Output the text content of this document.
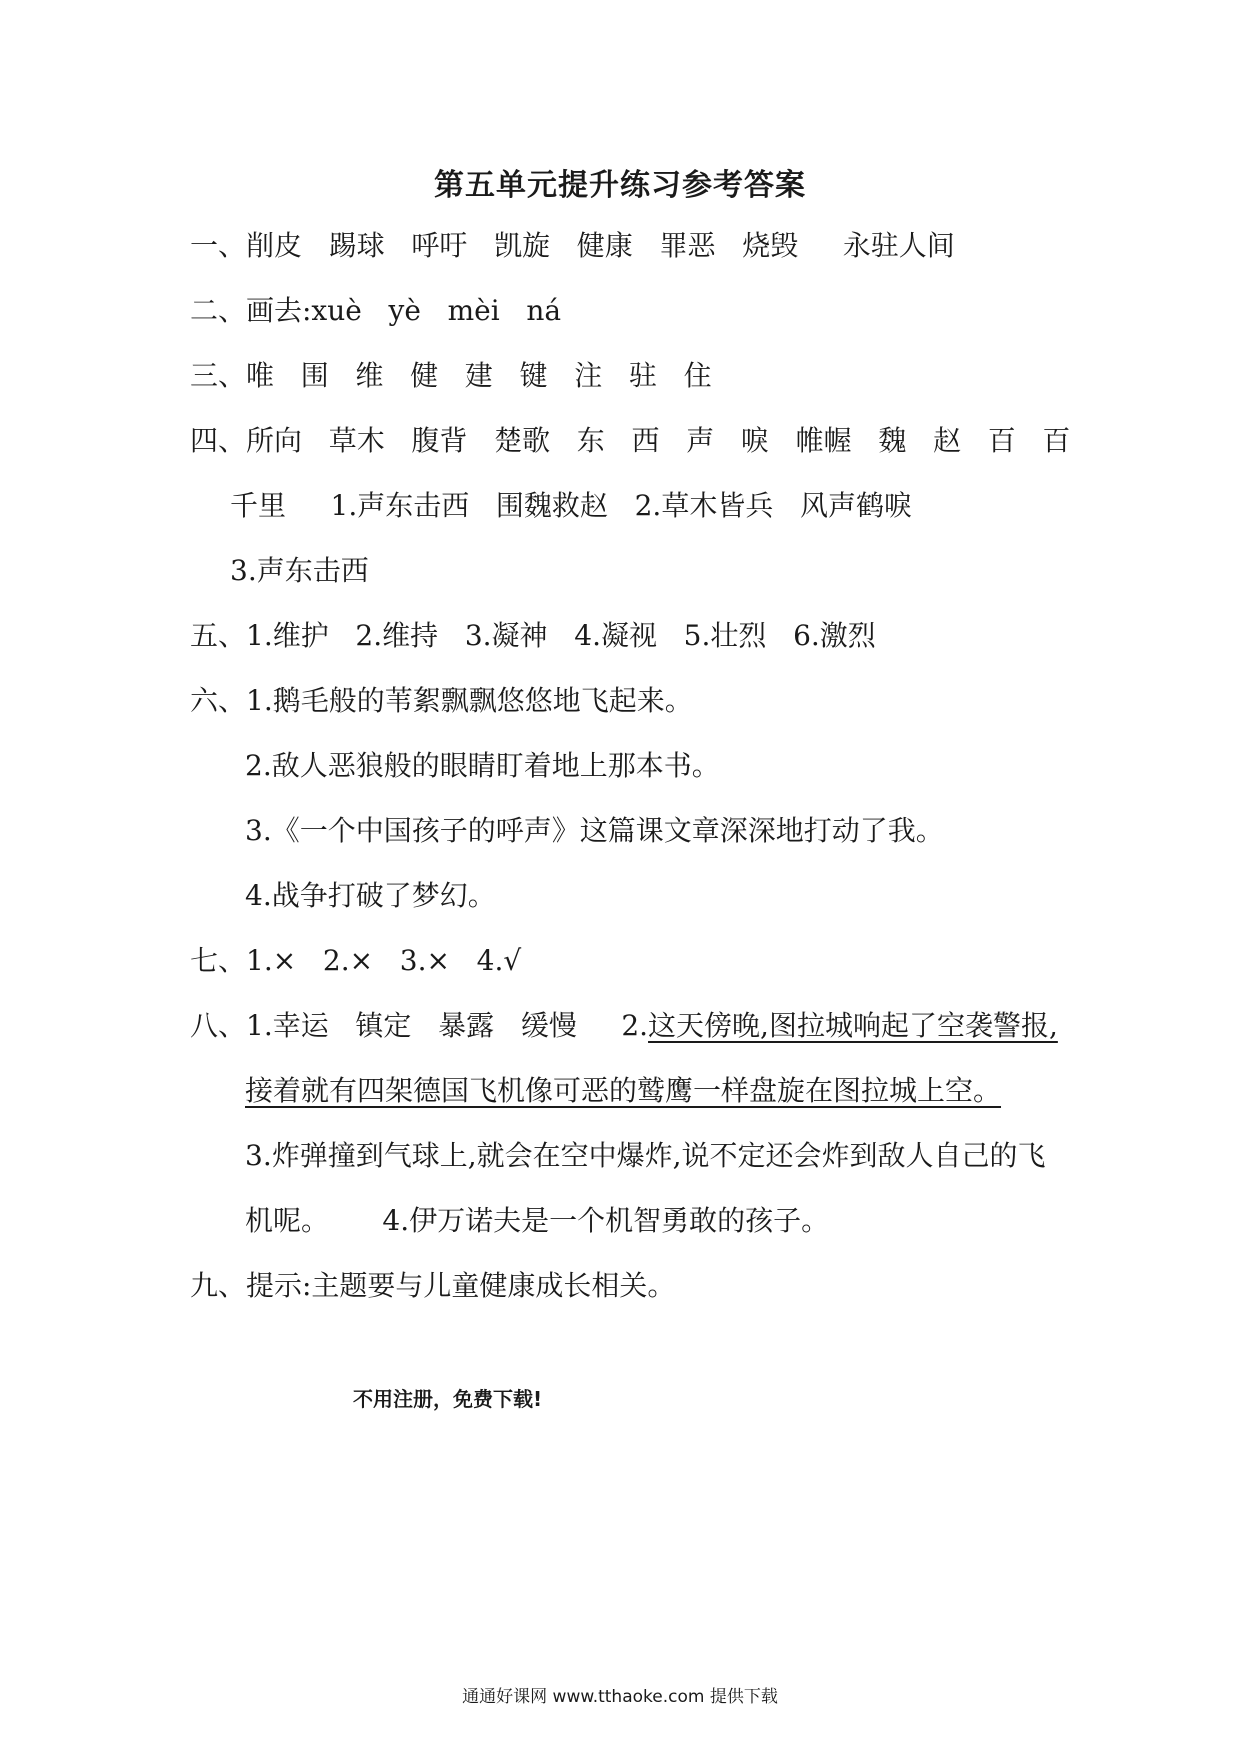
第五单元提升练习参考答案
一、削皮   踢球   呼吁   凯旋   健康   罪恶   烧毁     永驻人间
二、画去:xuè   yè   mèi   ná
三、唯   围   维   健   建   键   注   驻   住
四、所向   草木   腹背   楚歌   东   西   声   唳   帷幄   魏   赵   百   百
千里     1.声东击西   围魏救赵   2.草木皆兵   风声鹤唳
3.声东击西
五、1.维护   2.维持   3.凝神   4.凝视   5.壮烈   6.激烈
六、1.鹅毛般的苇絮飘飘悠悠地飞起来。
2.敌人恶狼般的眼睛盯着地上那本书。
3.《一个中国孩子的呼声》这篇课文章深深地打动了我。
4.战争打破了梦幻。
七、1.×   2.×   3.×   4.√
八、1.幸运   镇定   暴露   缓慢     2.这天傍晚,图拉城响起了空袭警报,
接着就有四架德国飞机像可恶的鹫鹰一样盘旋在图拉城上空。
3.炸弹撞到气球上,就会在空中爆炸,说不定还会炸到敌人自己的飞
机呢。      4.伊万诺夫是一个机智勇敢的孩子。
九、提示:主题要与儿童健康成长相关。
不用注册，免费下载!
通通好课网 www.tthaoke.com 提供下载
